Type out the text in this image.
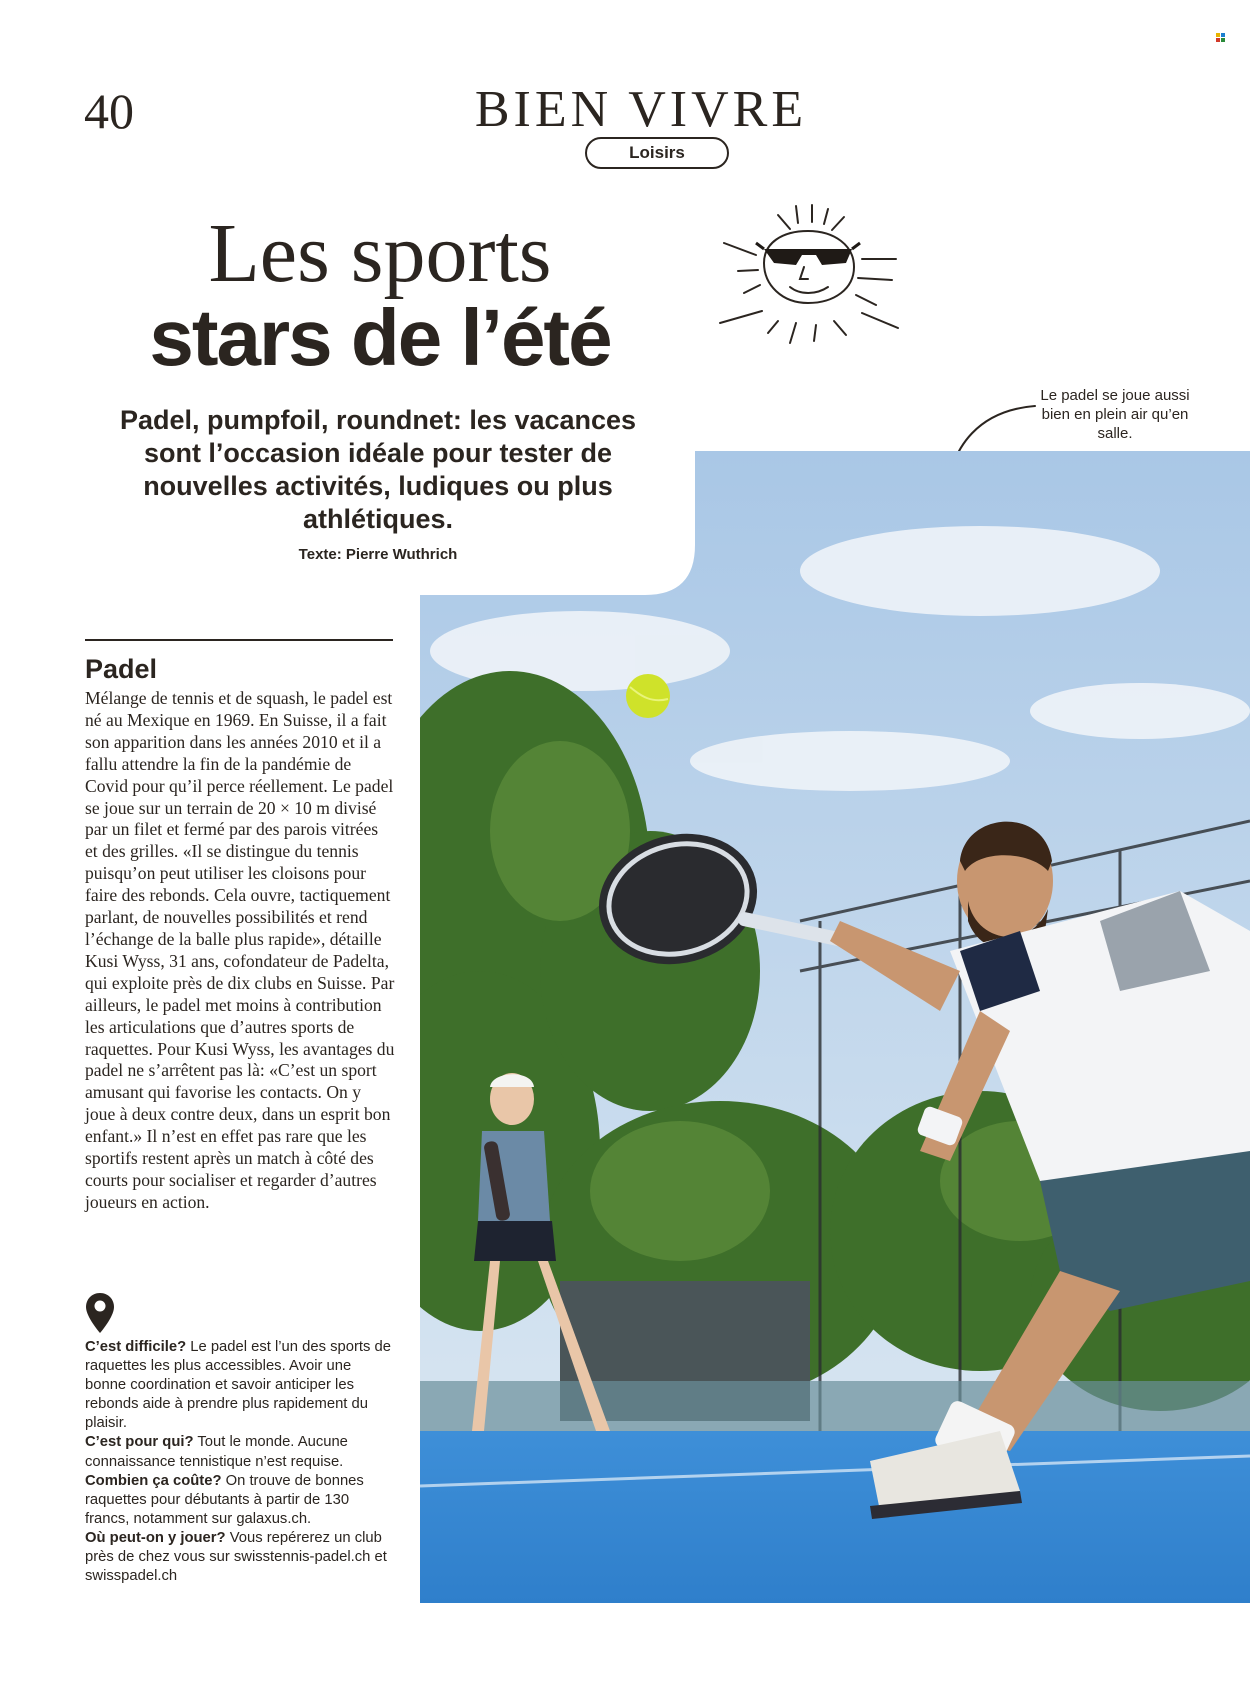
40	BIEN VIVRE
Loisirs
Les sports
stars de l’été
Padel, pumpfoil, roundnet: les vacances sont l’occasion idéale pour tester de nouvelles activités, ludiques ou plus athlétiques.
Texte: Pierre Wuthrich
Le padel se joue aussi bien en plein air qu’en salle.
Padel
Mélange de tennis et de squash, le padel est né au Mexique en 1969. En Suisse, il a fait son apparition dans les années 2010 et il a fallu attendre la fin de la pandémie de Covid pour qu’il perce réellement. Le padel se joue sur un terrain de 20 × 10 m divisé par un filet et fermé par des parois vitrées et des grilles. «Il se distingue du tennis puisqu’on peut utiliser les cloisons pour faire des rebonds. Cela ouvre, tactiquement parlant, de nouvelles possibilités et rend l’échange de la balle plus rapide», détaille Kusi Wyss, 31 ans, cofondateur de Padelta, qui exploite près de dix clubs en Suisse. Par ailleurs, le padel met moins à contribution les articulations que d’autres sports de raquettes. Pour Kusi Wyss, les avantages du padel ne s’arrêtent pas là: «C’est un sport amusant qui favorise les contacts. On y joue à deux contre deux, dans un esprit bon enfant.» Il n’est en effet pas rare que les sportifs restent après un match à côté des courts pour socialiser et regarder d’autres joueurs en action.

C’est difficile? Le padel est l’un des sports de raquettes les plus accessibles. Avoir une bonne coordination et savoir anticiper les rebonds aide à prendre plus rapidement du plaisir.

C’est pour qui? Tout le monde. Aucune connaissance tennistique n’est requise.

Combien ça coûte? On trouve de bonnes raquettes pour débutants à partir de 130 francs, notamment sur galaxus.ch.

Où peut-on y jouer? Vous repérerez un club près de chez vous sur swisstennis-padel.ch et swisspadel.ch
